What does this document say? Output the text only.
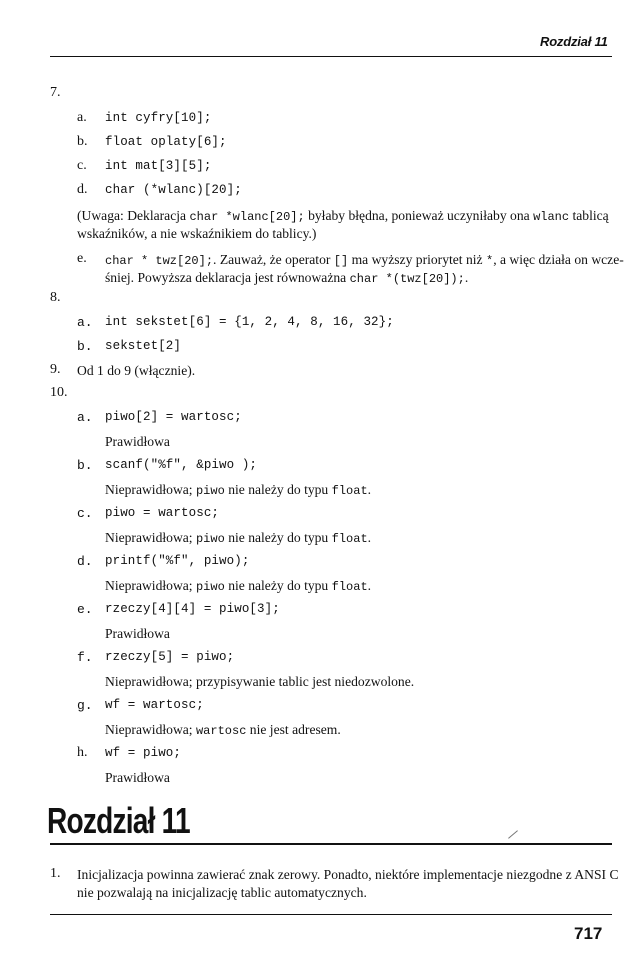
Rozdział 11
7.
a. int cyfry[10];
b. float oplaty[6];
c. int mat[3][5];
d. char (*wlanc)[20];
(Uwaga: Deklaracja char *wlanc[20]; byłaby błędna, ponieważ uczyniłaby ona wlanc tablicą
wskaźników, a nie wskaźnikiem do tablicy.)
e. char * twz[20];. Zauważ, że operator [] ma wyższy priorytet niż *, a więc działa on wcze-
śniej. Powyższa deklaracja jest równoważna char *(twz[20]);.
8.
a. int sekstet[6] = {1, 2, 4, 8, 16, 32};
b. sekstet[2]
9. Od 1 do 9 (włącznie).
10.
a. piwo[2] = wartosc;
Prawidłowa
b. scanf("%f", &piwo );
Nieprawidłowa; piwo nie należy do typu float.
c. piwo = wartosc;
Nieprawidłowa; piwo nie należy do typu float.
d. printf("%f", piwo);
Nieprawidłowa; piwo nie należy do typu float.
e. rzeczy[4][4] = piwo[3];
Prawidłowa
f. rzeczy[5] = piwo;
Nieprawidłowa; przypisywanie tablic jest niedozwolone.
g. wf = wartosc;
Nieprawidłowa; wartosc nie jest adresem.
h. wf = piwo;
Prawidłowa
Rozdział 11
1. Inicjalizacja powinna zawierać znak zerowy. Ponadto, niektóre implementacje niezgodne z ANSI C
nie pozwalają na inicjalizację tablic automatycznych.
717
